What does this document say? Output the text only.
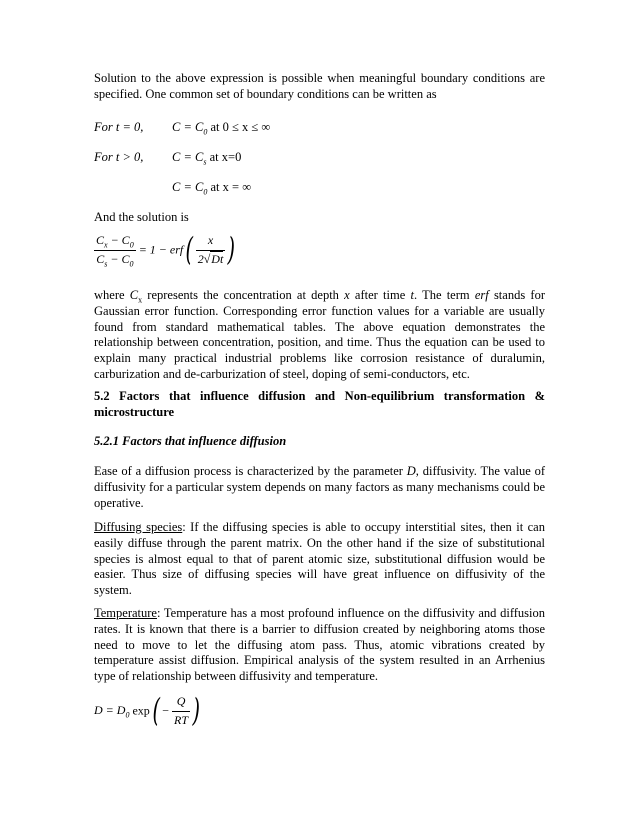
Solution to the above expression is possible when meaningful boundary conditions are specified. One common set of boundary conditions can be written as

For t = 0, $C = C_0$ at 0 ≤ x ≤ ∞
For t > 0, $C = C_s$ at x=0
$C = C_0$ at x = ∞
And the solution is
$\frac{C_x - C_0}{C_s - C_0} = 1 - erf( \frac{x}{2√Dt}$ )

where $C_x$ represents the concentration at depth x after time t. The term erf stands for Gaussian error function. Corresponding error function values for a variable are usually found from standard mathematical tables. The above equation demonstrates the relationship between concentration, position, and time. Thus the equation can be used to explain many practical industrial problems like corrosion resistance of duralumin, carburization and de-carburization of steel, doping of semi-conductors, etc.

5.2 Factors that influence diffusion and Non-equilibrium transformation & microstructure
5.2.1 Factors that influence diffusion

Ease of a diffusion process is characterized by the parameter D, diffusivity. The value of diffusivity for a particular system depends on many factors as many mechanisms could be operative.

Diffusing species: If the diffusing species is able to occupy interstitial sites, then it can easily diffuse through the parent matrix. On the other hand if the size of substitutional species is almost equal to that of parent atomic size, substitutional diffusion would be easier. Thus size of diffusing species will have great influence on diffusivity of the system.

Temperature: Temperature has a most profound influence on the diffusivity and diffusion rates. It is known that there is a barrier to diffusion created by neighboring atoms those need to move to let the diffusing atom pass. Thus, atomic vibrations created by temperature assist diffusion. Empirical analysis of the system resulted in an Arrhenius type of relationship between diffusivity and temperature.

$D = D_0$ $\exp( - \frac{Q}{RT}$ )
